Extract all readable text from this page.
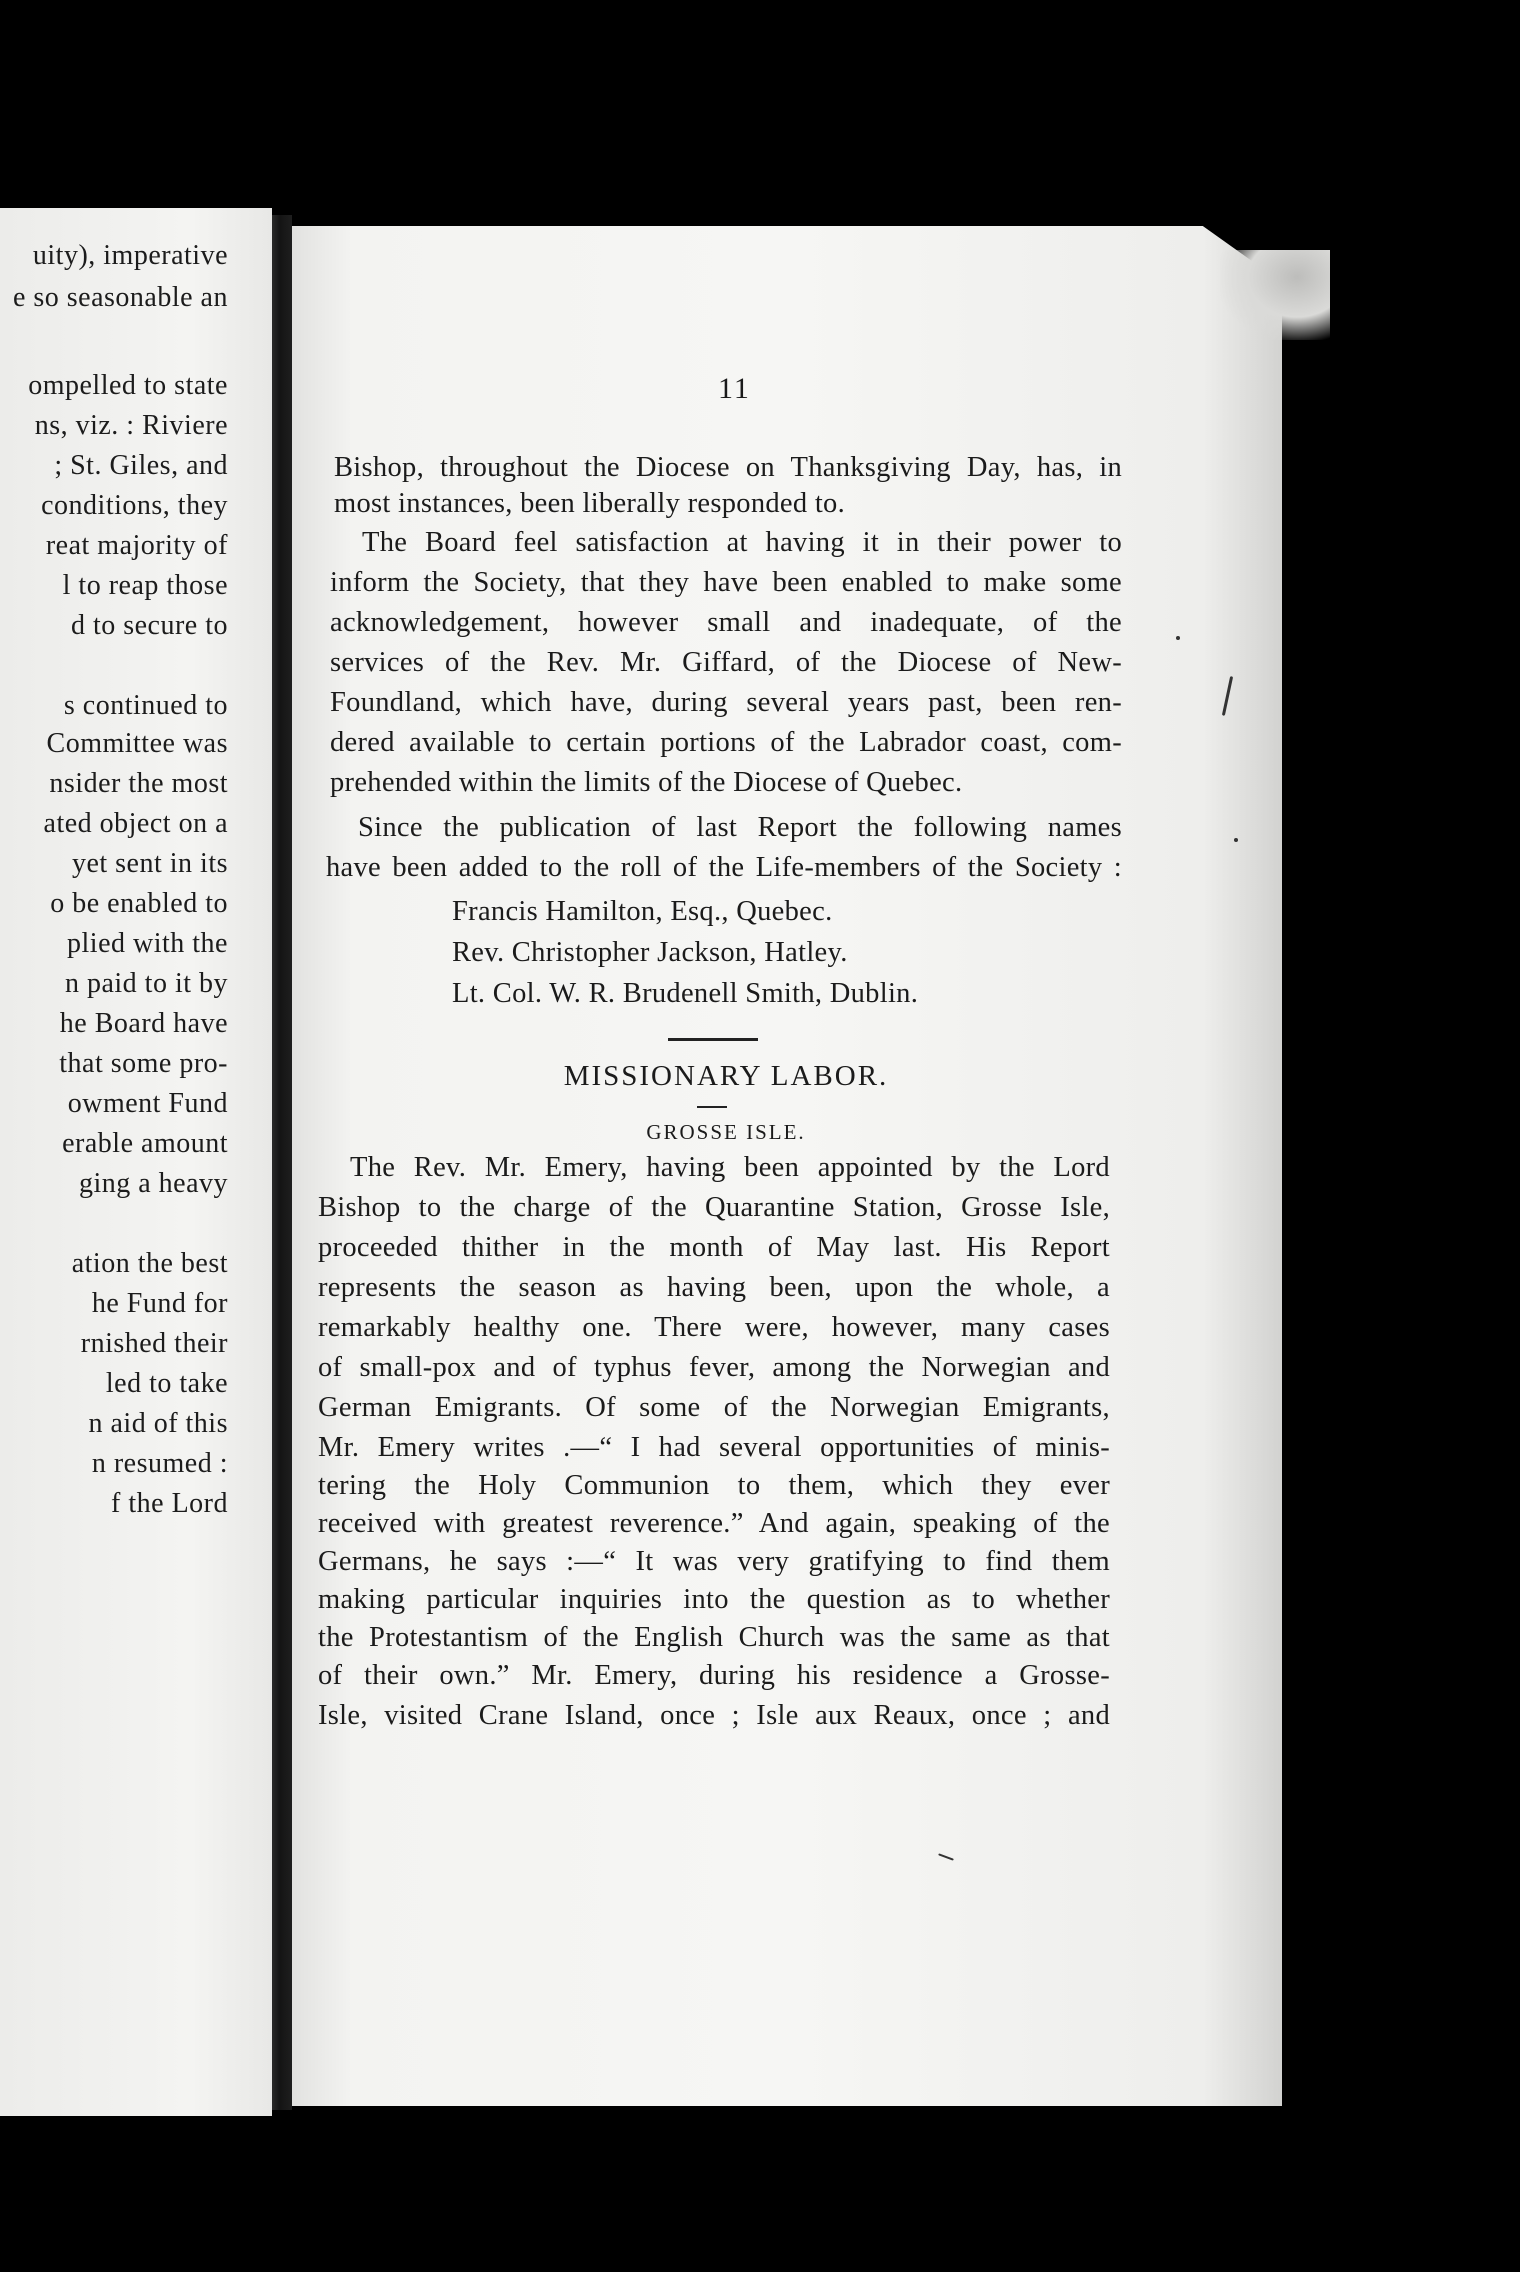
uity), imperative
e so seasonable an
ompelled to state
ns, viz. : Riviere
; St. Giles, and
conditions, they
reat majority of
l to reap those
d to secure to
s continued to
Committee was
nsider the most
ated object on a
yet sent in its
o be enabled to
plied with the
n paid to it by
he Board have
that some pro-
owment Fund
erable amount
ging a heavy
ation the best
he Fund for
rnished their
led to take
n aid of this
n resumed :
f the Lord
11
Bishop, throughout the Diocese on Thanksgiving Day, has, in
most instances, been liberally responded to.
The Board feel satisfaction at having it in their power to
inform the Society, that they have been enabled to make some
acknowledgement, however small and inadequate, of the
services of the Rev. Mr. Giffard, of the Diocese of New-
Foundland, which have, during several years past, been ren-
dered available to certain portions of the Labrador coast, com-
prehended within the limits of the Diocese of Quebec.
Since the publication of last Report the following names
have been added to the roll of the Life-members of the Society :
Francis Hamilton, Esq., Quebec.
Rev. Christopher Jackson, Hatley.
Lt. Col. W. R. Brudenell Smith, Dublin.
MISSIONARY LABOR.
GROSSE ISLE.
The Rev. Mr. Emery, having been appointed by the Lord
Bishop to the charge of the Quarantine Station, Grosse Isle,
proceeded thither in the month of May last. His Report
represents the season as having been, upon the whole, a
remarkably healthy one. There were, however, many cases
of small-pox and of typhus fever, among the Norwegian and
German Emigrants. Of some of the Norwegian Emigrants,
Mr. Emery writes .—“ I had several opportunities of minis-
tering the Holy Communion to them, which they ever
received with greatest reverence.” And again, speaking of the
Germans, he says :—“ It was very gratifying to find them
making particular inquiries into the question as to whether
the Protestantism of the English Church was the same as that
of their own.” Mr. Emery, during his residence a Grosse-
Isle, visited Crane Island, once ; Isle aux Reaux, once ; and
